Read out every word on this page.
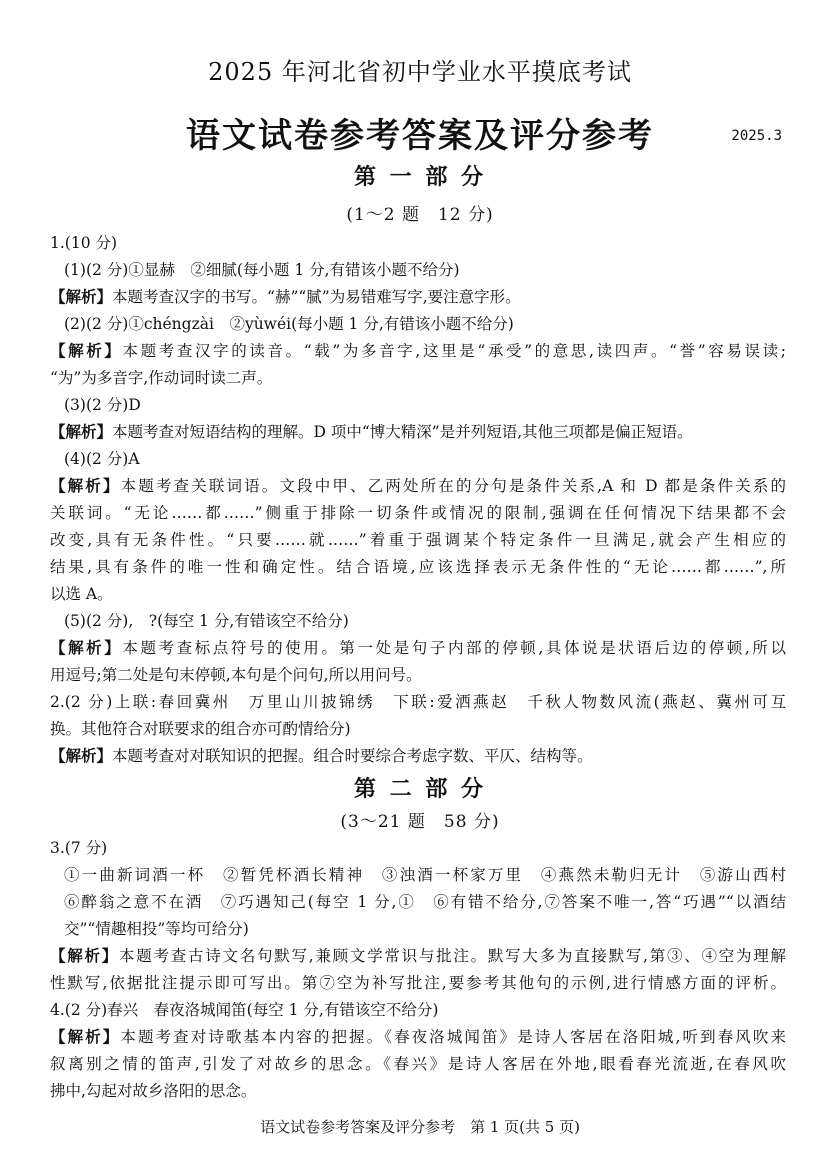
2025 年河北省初中学业水平摸底考试
语文试卷参考答案及评分参考	2025.3
第 一 部 分
(1～2 题　12 分)
1.(10 分)
(1)(2 分)①显赫　②细腻(每小题 1 分,有错该小题不给分)
【解析】本题考查汉字的书写。“赫”“腻”为易错难写字,要注意字形。
(2)(2 分)①chéngzài　②yùwéi(每小题 1 分,有错该小题不给分)
【解析】本题考查汉字的读音。“载”为多音字,这里是“承受”的意思,读四声。“誉”容易误读;
“为”为多音字,作动词时读二声。
(3)(2 分)D
【解析】本题考查对短语结构的理解。D 项中“博大精深”是并列短语,其他三项都是偏正短语。
(4)(2 分)A
【解析】本题考查关联词语。文段中甲、乙两处所在的分句是条件关系,A 和 D 都是条件关系的
关联词。“无论……都……”侧重于排除一切条件或情况的限制,强调在任何情况下结果都不会
改变,具有无条件性。“只要……就……”着重于强调某个特定条件一旦满足,就会产生相应的
结果,具有条件的唯一性和确定性。结合语境,应该选择表示无条件性的“无论……都……”,所
以选 A。
(5)(2 分),　?(每空 1 分,有错该空不给分)
【解析】本题考查标点符号的使用。第一处是句子内部的停顿,具体说是状语后边的停顿,所以
用逗号;第二处是句末停顿,本句是个问句,所以用问号。
2.(2 分)上联:春回冀州　万里山川披锦绣　下联:爱洒燕赵　千秋人物数风流(燕赵、冀州可互
换。其他符合对联要求的组合亦可酌情给分)
【解析】本题考查对对联知识的把握。组合时要综合考虑字数、平仄、结构等。
第 二 部 分
(3～21 题　58 分)
3.(7 分)
①一曲新词酒一杯　②暂凭杯酒长精神　③浊酒一杯家万里　④燕然未勒归无计　⑤游山西村
⑥醉翁之意不在酒　⑦巧遇知己(每空 1 分,①　⑥有错不给分,⑦答案不唯一,答“巧遇”“以酒结
交”“情趣相投”等均可给分)
【解析】本题考查古诗文名句默写,兼顾文学常识与批注。默写大多为直接默写,第③、④空为理解
性默写,依据批注提示即可写出。第⑦空为补写批注,要参考其他句的示例,进行情感方面的评析。
4.(2 分)春兴　春夜洛城闻笛(每空 1 分,有错该空不给分)
【解析】本题考查对诗歌基本内容的把握。《春夜洛城闻笛》是诗人客居在洛阳城,听到春风吹来
叙离别之情的笛声,引发了对故乡的思念。《春兴》是诗人客居在外地,眼看春光流逝,在春风吹
拂中,勾起对故乡洛阳的思念。
语文试卷参考答案及评分参考　第 1 页(共 5 页)
